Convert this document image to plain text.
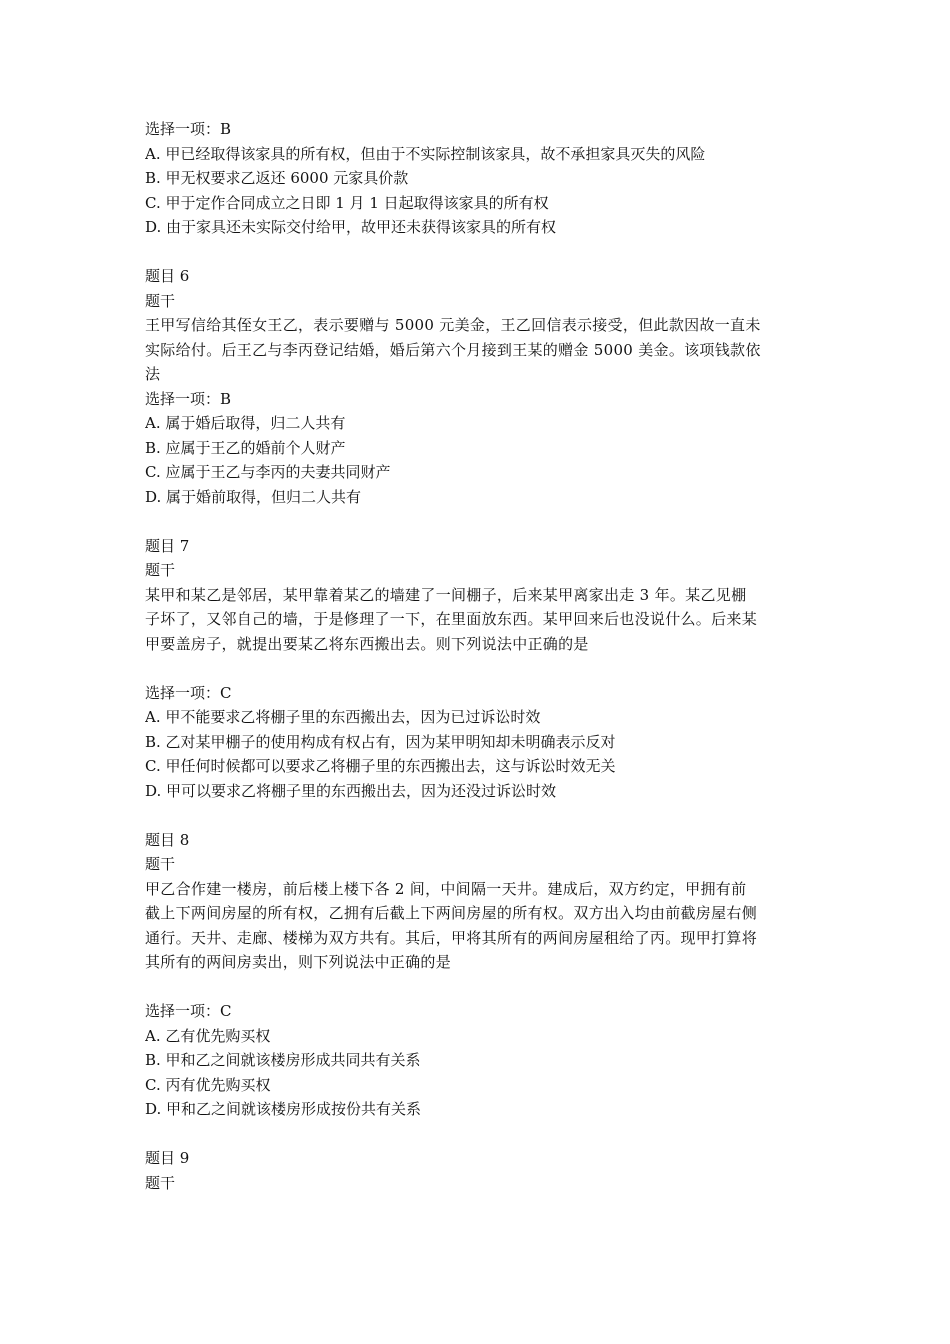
选择一项：B
A. 甲已经取得该家具的所有权，但由于不实际控制该家具，故不承担家具灭失的风险
B. 甲无权要求乙返还 6000 元家具价款
C. 甲于定作合同成立之日即 1 月 1 日起取得该家具的所有权
D. 由于家具还未实际交付给甲，故甲还未获得该家具的所有权
题目 6
题干
王甲写信给其侄女王乙，表示要赠与 5000 元美金，王乙回信表示接受，但此款因故一直未
实际给付。后王乙与李丙登记结婚，婚后第六个月接到王某的赠金 5000 美金。该项钱款依
法
选择一项：B
A. 属于婚后取得，归二人共有
B. 应属于王乙的婚前个人财产
C. 应属于王乙与李丙的夫妻共同财产
D. 属于婚前取得，但归二人共有
题目 7
题干
某甲和某乙是邻居，某甲靠着某乙的墙建了一间棚子，后来某甲离家出走 3 年。某乙见棚
子坏了，又邻自己的墙，于是修理了一下，在里面放东西。某甲回来后也没说什么。后来某
甲要盖房子，就提出要某乙将东西搬出去。则下列说法中正确的是
选择一项：C
A. 甲不能要求乙将棚子里的东西搬出去，因为已过诉讼时效
B. 乙对某甲棚子的使用构成有权占有，因为某甲明知却未明确表示反对
C. 甲任何时候都可以要求乙将棚子里的东西搬出去，这与诉讼时效无关
D. 甲可以要求乙将棚子里的东西搬出去，因为还没过诉讼时效
题目 8
题干
甲乙合作建一楼房，前后楼上楼下各 2 间，中间隔一天井。建成后，双方约定，甲拥有前
截上下两间房屋的所有权，乙拥有后截上下两间房屋的所有权。双方出入均由前截房屋右侧
通行。天井、走廊、楼梯为双方共有。其后，甲将其所有的两间房屋租给了丙。现甲打算将
其所有的两间房卖出，则下列说法中正确的是
选择一项：C
A. 乙有优先购买权
B. 甲和乙之间就该楼房形成共同共有关系
C. 丙有优先购买权
D. 甲和乙之间就该楼房形成按份共有关系
题目 9
题干
